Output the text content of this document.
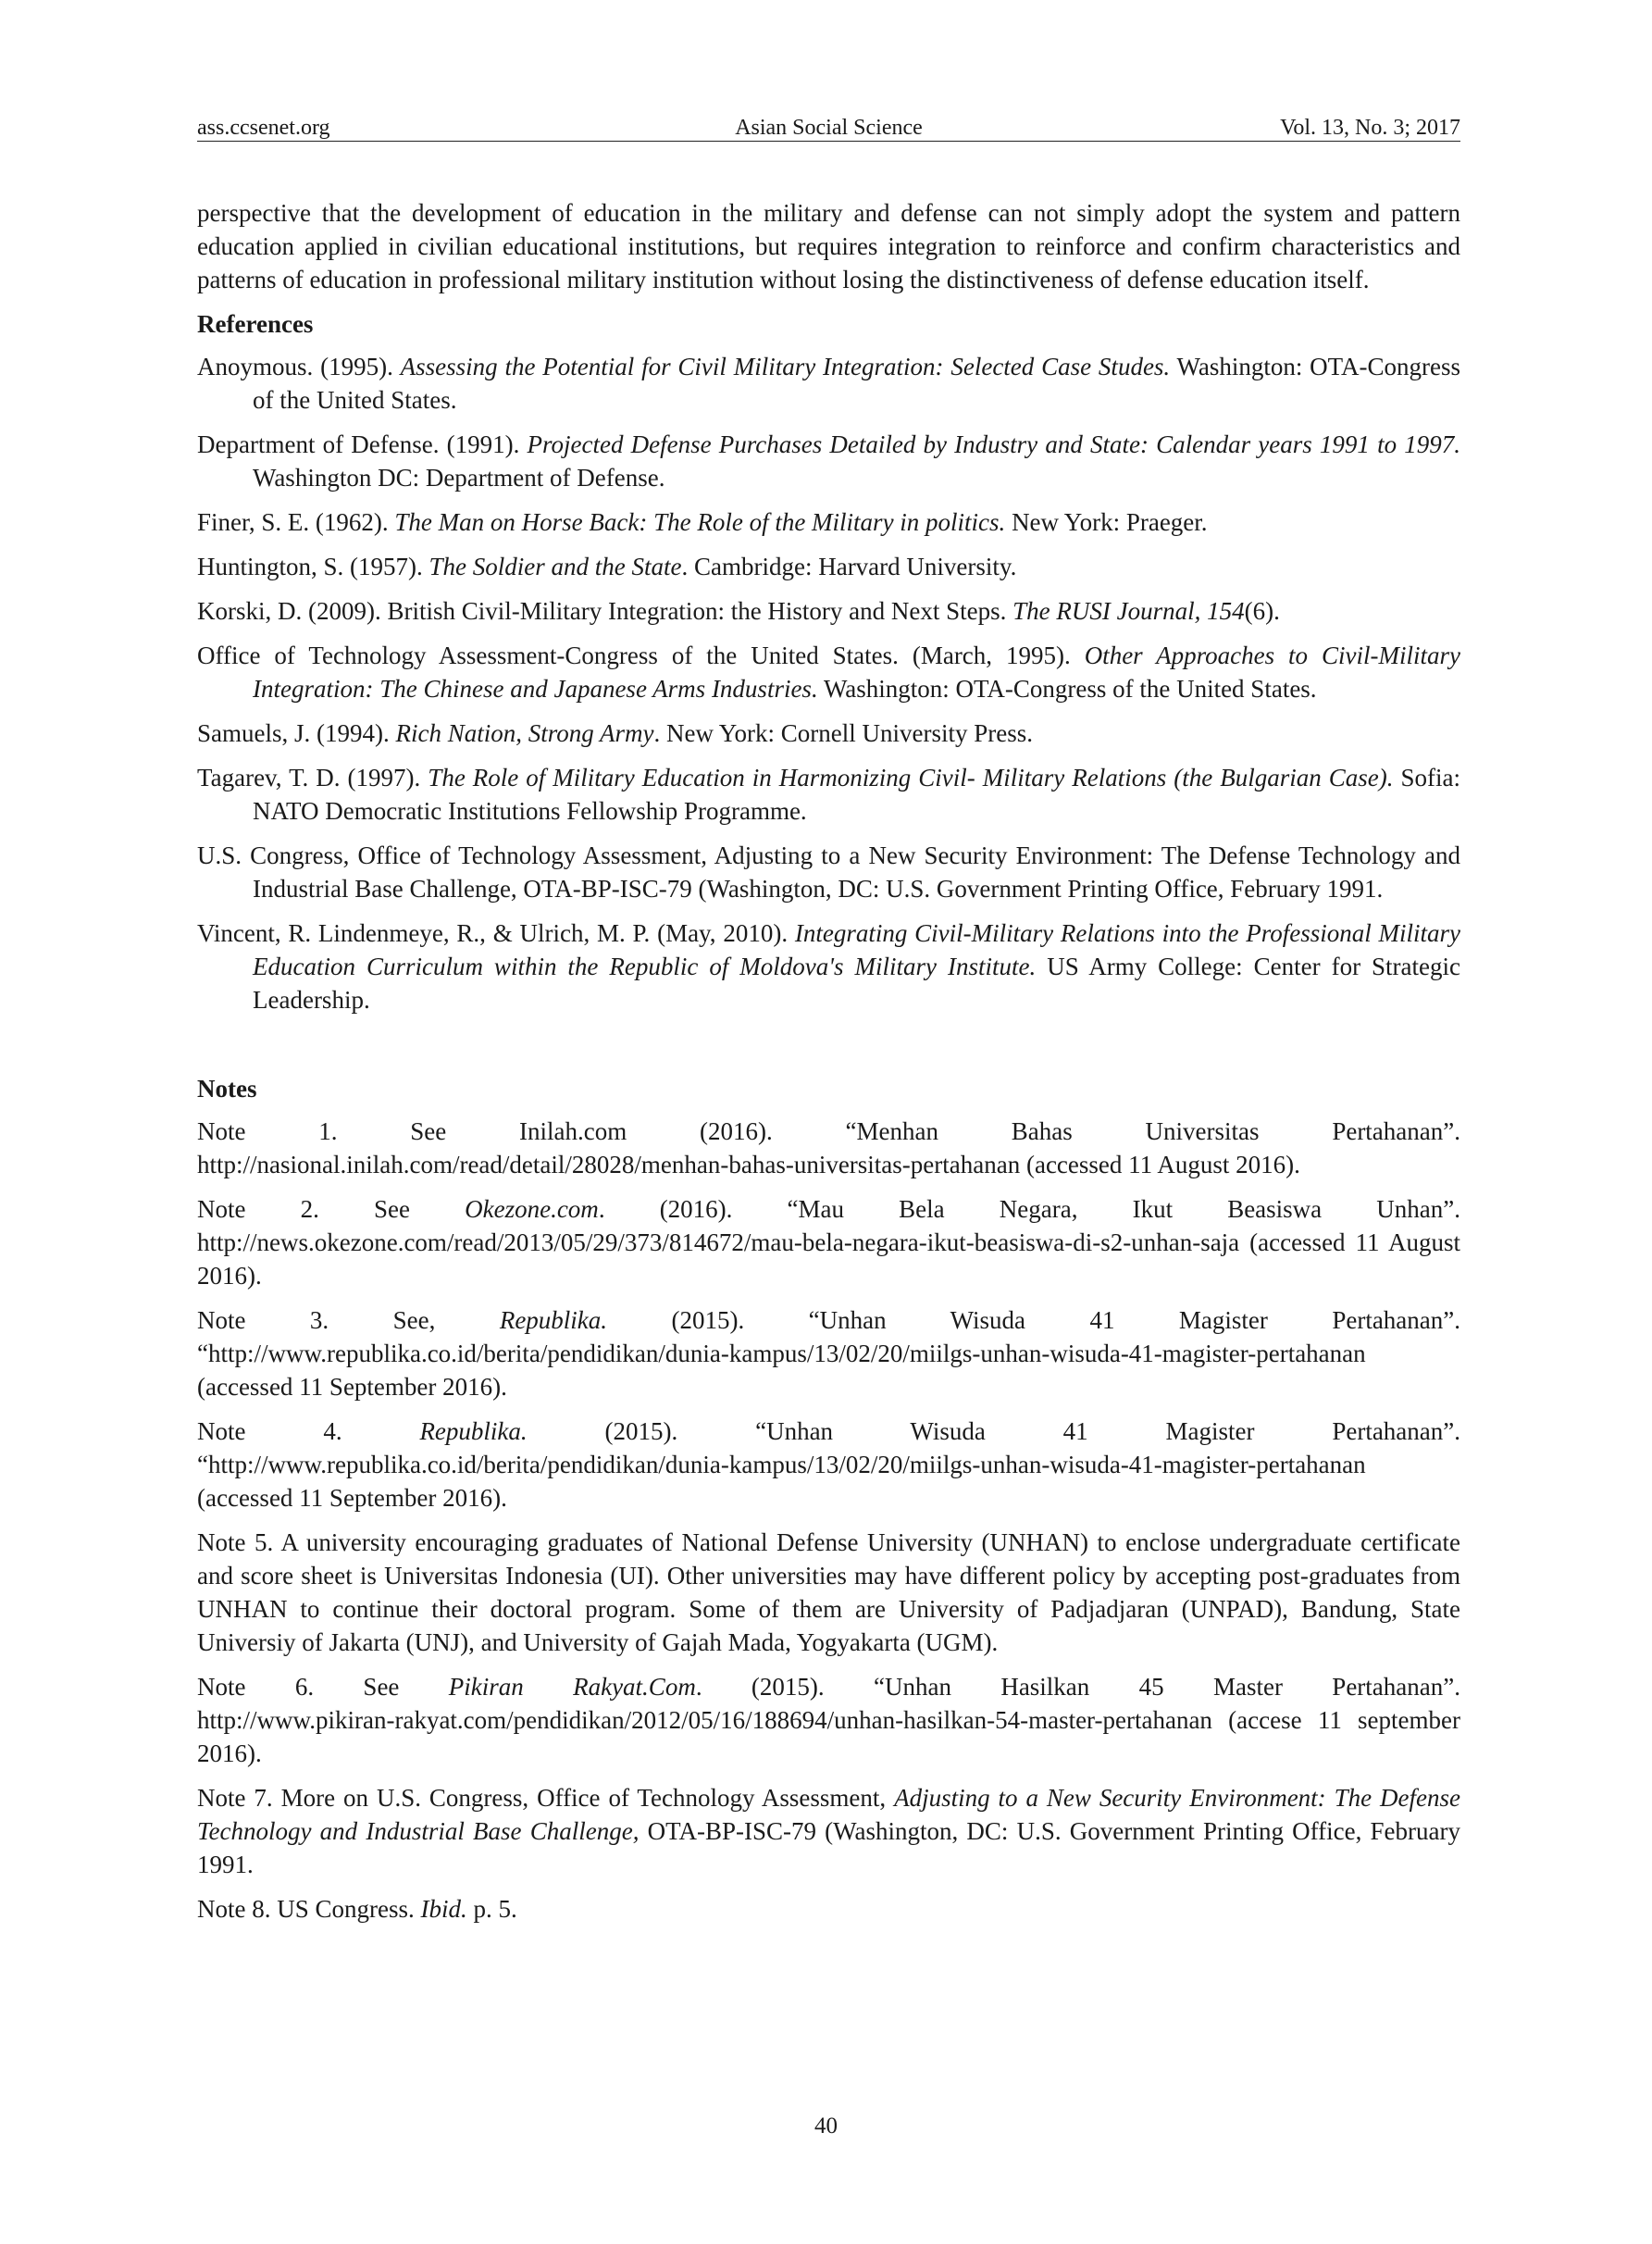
ass.ccsenet.org	Asian Social Science	Vol. 13, No. 3; 2017
perspective that the development of education in the military and defense can not simply adopt the system and pattern education applied in civilian educational institutions, but requires integration to reinforce and confirm characteristics and patterns of education in professional military institution without losing the distinctiveness of defense education itself.
References
Anoymous. (1995). Assessing the Potential for Civil Military Integration: Selected Case Studes. Washington: OTA-Congress of the United States.
Department of Defense. (1991). Projected Defense Purchases Detailed by Industry and State: Calendar years 1991 to 1997. Washington DC: Department of Defense.
Finer, S. E. (1962). The Man on Horse Back: The Role of the Military in politics. New York: Praeger.
Huntington, S. (1957). The Soldier and the State. Cambridge: Harvard University.
Korski, D. (2009). British Civil-Military Integration: the History and Next Steps. The RUSI Journal, 154(6).
Office of Technology Assessment-Congress of the United States. (March, 1995). Other Approaches to Civil-Military Integration: The Chinese and Japanese Arms Industries. Washington: OTA-Congress of the United States.
Samuels, J. (1994). Rich Nation, Strong Army. New York: Cornell University Press.
Tagarev, T. D. (1997). The Role of Military Education in Harmonizing Civil- Military Relations (the Bulgarian Case). Sofia: NATO Democratic Institutions Fellowship Programme.
U.S. Congress, Office of Technology Assessment, Adjusting to a New Security Environment: The Defense Technology and Industrial Base Challenge, OTA-BP-ISC-79 (Washington, DC: U.S. Government Printing Office, February 1991.
Vincent, R. Lindenmeye, R., & Ulrich, M. P. (May, 2010). Integrating Civil-Military Relations into the Professional Military Education Curriculum within the Republic of Moldova's Military Institute. US Army College: Center for Strategic Leadership.
Notes
Note 1. See Inilah.com (2016). “Menhan Bahas Universitas Pertahanan”.
http://nasional.inilah.com/read/detail/28028/menhan-bahas-universitas-pertahanan (accessed 11 August 2016).
Note 2. See Okezone.com. (2016). “Mau Bela Negara, Ikut Beasiswa Unhan”.
http://news.okezone.com/read/2013/05/29/373/814672/mau-bela-negara-ikut-beasiswa-di-s2-unhan-saja (accessed 11 August 2016).
Note 3. See, Republika. (2015). “Unhan Wisuda 41 Magister Pertahanan”.
“http://www.republika.co.id/berita/pendidikan/dunia-kampus/13/02/20/miilgs-unhan-wisuda-41-magister-pertahanan (accessed 11 September 2016).
Note 4. Republika. (2015). “Unhan Wisuda 41 Magister Pertahanan”.
“http://www.republika.co.id/berita/pendidikan/dunia-kampus/13/02/20/miilgs-unhan-wisuda-41-magister-pertahanan (accessed 11 September 2016).
Note 5. A university encouraging graduates of National Defense University (UNHAN) to enclose undergraduate certificate and score sheet is Universitas Indonesia (UI). Other universities may have different policy by accepting post-graduates from UNHAN to continue their doctoral program. Some of them are University of Padjadjaran (UNPAD), Bandung, State Universiy of Jakarta (UNJ), and University of Gajah Mada, Yogyakarta (UGM).
Note 6. See Pikiran Rakyat.Com. (2015). “Unhan Hasilkan 45 Master Pertahanan”.
http://www.pikiran-rakyat.com/pendidikan/2012/05/16/188694/unhan-hasilkan-54-master-pertahanan (accese 11 september 2016).
Note 7. More on U.S. Congress, Office of Technology Assessment, Adjusting to a New Security Environment: The Defense Technology and Industrial Base Challenge, OTA-BP-ISC-79 (Washington, DC: U.S. Government Printing Office, February 1991.
Note 8. US Congress. Ibid. p. 5.
40
